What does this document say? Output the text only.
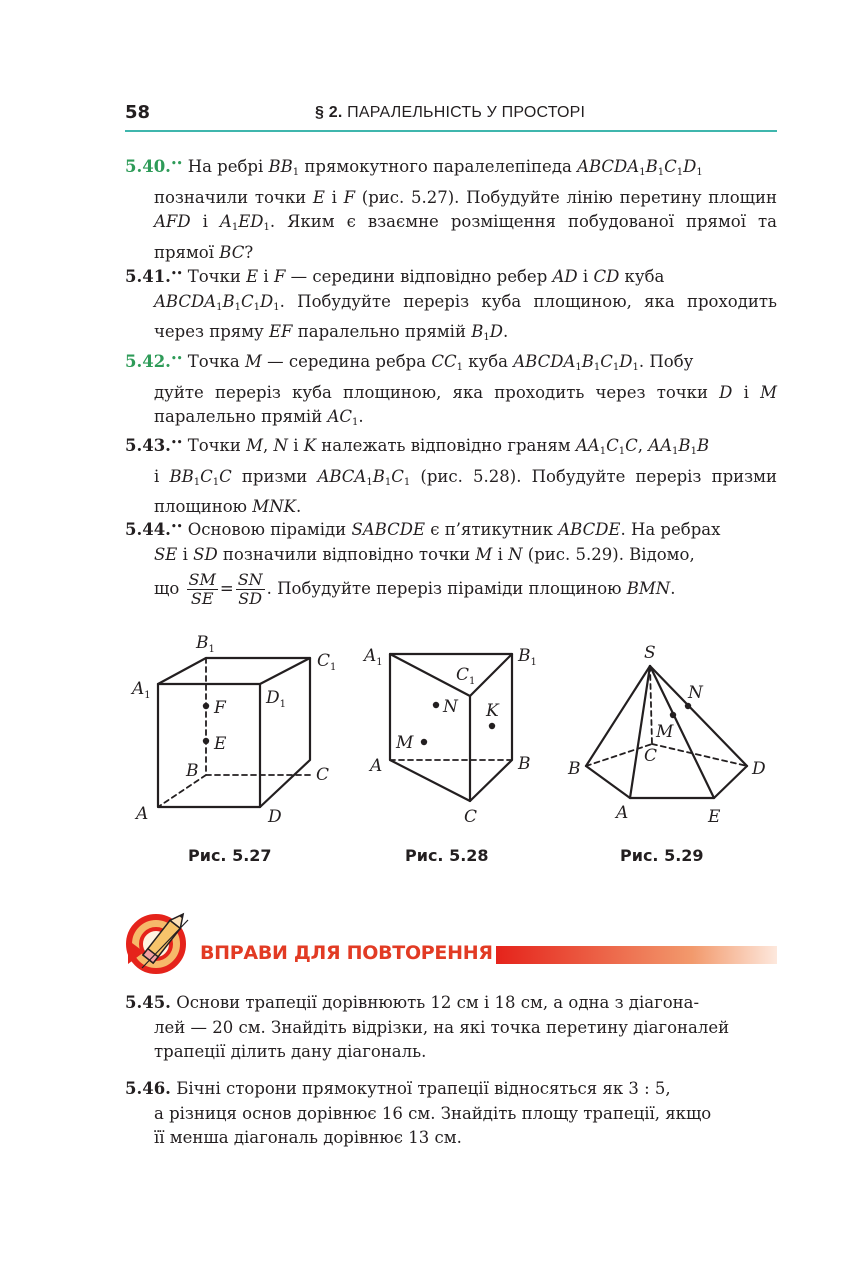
58	§ 2. ПАРАЛЕЛЬНІСТЬ У ПРОСТОРІ
5.40.•• На ребрі $BB_1$ прямокутного паралелепіпеда $ABCDA_1B_1C_1D_1$
позначили точки E і F (рис. 5.27). Побудуйте лінію перетину площин AFD і $A_1ED_1$. Яким є взаємне розміщення побудованої прямої та прямої BC?
5.41.•• Точки E і F — середини відповідно ребер AD і CD куба
$ABCDA_1B_1C_1D_1$. Побудуйте переріз куба площиною, яка проходить через пряму EF паралельно прямій $B_1D$.
5.42.•• Точка M — середина ребра $CC_1$ куба $ABCDA_1B_1C_1D_1$. Побу
дуйте переріз куба площиною, яка проходить через точки D і M паралельно прямій $AC_1$.
5.43.•• Точки M, N і K належать відповідно граням $AA_1C_1C$, $AA_1B_1B$
і $BB_1C_1C$ призми $ABCA_1B_1C_1$ (рис. 5.28). Побудуйте переріз призми площиною MNK.
5.44.•• Основою піраміди SABCDE є п’ятикутник ABCDE. На ребрах
SE і SD позначили відповідно точки M і N (рис. 5.29). Відомо,
що $\frac{SM}{SE} = \frac{SN}{SD}$ . Побудуйте переріз піраміди площиною BMN.
$B_1$
$C_1$
$A_1$	$D_1$
F
E
B	C
A	D
$A_1$	$B_1$
$C_1$
N K
M
A	B
C
S
N
M
C
B	D
A	E
Рис. 5.27	Рис. 5.28	Рис. 5.29
ВПРАВИ ДЛЯ ПОВТОРЕННЯ
5.45. Основи трапеції дорівнюють 12 см і 18 см, а одна з діагона-
лей — 20 см. Знайдіть відрізки, на які точка перетину діагоналей
трапеції ділить дану діагональ.
5.46. Бічні сторони прямокутної трапеції відносяться як 3 : 5,
а різниця основ дорівнює 16 см. Знайдіть площу трапеції, якщо
її менша діагональ дорівнює 13 см.
